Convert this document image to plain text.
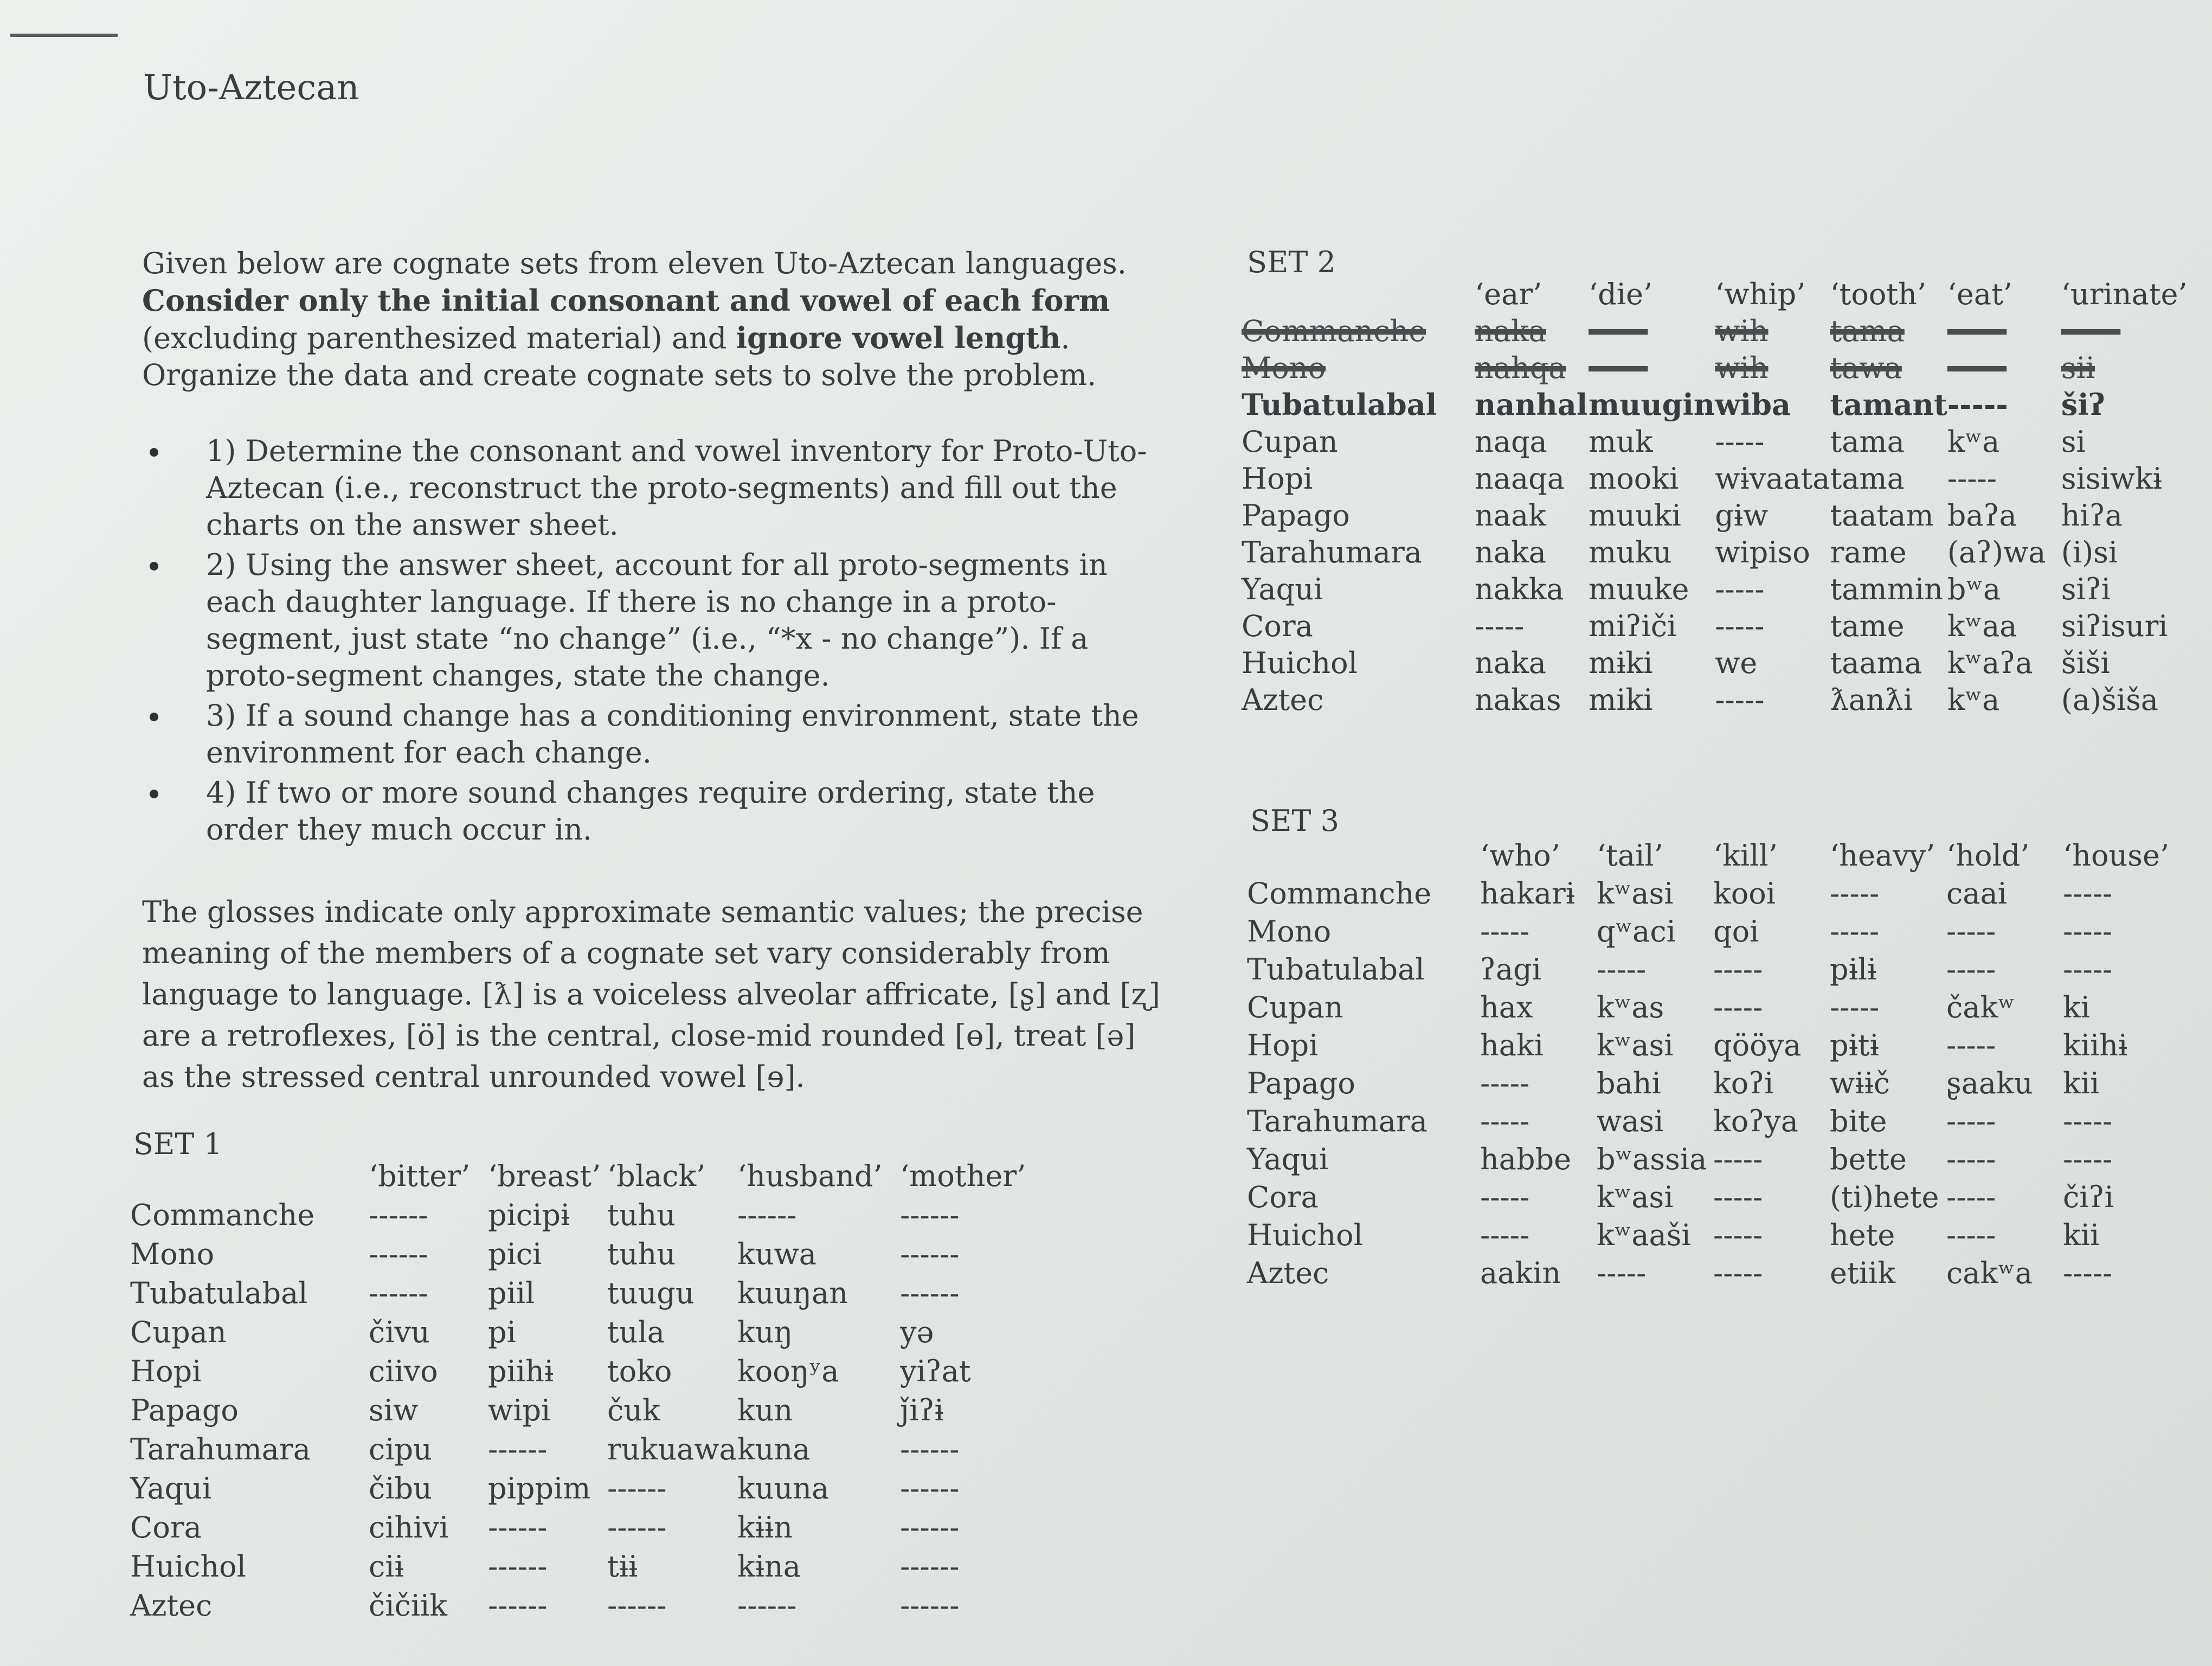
Uto-Aztecan

Given below are cognate sets from eleven Uto-Aztecan languages.
Consider only the initial consonant and vowel of each form
(excluding parenthesized material) and ignore vowel length. Organize the data and create cognate sets to solve the problem.

1) Determine the consonant and vowel inventory for Proto-Uto-Aztecan (i.e., reconstruct the proto-segments) and fill out the charts on the answer sheet.
2) Using the answer sheet, account for all proto-segments in each daughter language. If there is no change in a proto-segment, just state “no change” (i.e., “*x - no change”). If a proto-segment changes, state the change.
3) If a sound change has a conditioning environment, state the environment for each change.
4) If two or more sound changes require ordering, state the order they much occur in.

The glosses indicate only approximate semantic values; the precise meaning of the members of a cognate set vary considerably from language to language. [ƛ] is a voiceless alveolar affricate, [ʂ] and [ʐ] are a retroflexes, [ö] is the central, close-mid rounded [ɵ], treat [ə] as the stressed central unrounded vowel [ɘ].

SET 1
	‘bitter’	‘breast’	‘black’	‘husband’	‘mother’
Commanche	------	picipɨ	tuhu	------	------
Mono	------	pici	tuhu	kuwa	------
Tubatulabal	------	piil	tuugu	kuuŋan	------
Cupan	čivu	pi	tula	kuŋ	yə
Hopi	ciivo	piihɨ	toko	kooŋʸa	yiʔat
Papago	siw	wipi	čuk	kun	ǰiʔɨ
Tarahumara	cipu	------	rukuawa	kuna	------
Yaqui	čibu	pippim	------	kuuna	------
Cora	cihivi	------	------	kɨɨn	------
Huichol	ciɨ	------	tɨɨ	kɨna	------
Aztec	čičiik	------	------	------	------
SET 2
	‘ear’	‘die’	‘whip’	‘tooth’	‘eat’	‘urinate’
Commanche	naka	------	wih	tama	------	------
Mono	nahqa	------	wih	tawa	------	sii
Tubatulabal	nanhal	muugin	wiba	tamant	-----	šiʔ
Cupan	naqa	muk	-----	tama	kʷa	si
Hopi	naaqa	mooki	wɨvaata	tama	-----	sisiwkɨ
Papago	naak	muuki	gɨw	taatam	baʔa	hiʔa
Tarahumara	naka	muku	wipiso	rame	(aʔ)wa	(i)si
Yaqui	nakka	muuke	-----	tammin	bʷa	siʔi
Cora	-----	miʔiči	-----	tame	kʷaa	siʔisuri
Huichol	naka	mɨki	we	taama	kʷaʔa	šiši
Aztec	nakas	miki	-----	ƛanƛi	kʷa	(a)šiša
SET 3
	‘who’	‘tail’	‘kill’	‘heavy’	‘hold’	‘house’
Commanche	hakarɨ	kʷasi	kooi	-----	caai	-----
Mono	-----	qʷaci	qoi	-----	-----	-----
Tubatulabal	ʔagi	-----	-----	pɨlɨ	-----	-----
Cupan	hax	kʷas	-----	-----	čakʷ	ki
Hopi	haki	kʷasi	qööya	pɨtɨ	-----	kiihɨ
Papago	-----	bahi	koʔi	wɨɨč	ʂaaku	kii
Tarahumara	-----	wasi	koʔya	bite	-----	-----
Yaqui	habbe	bʷassia	-----	bette	-----	-----
Cora	-----	kʷasi	-----	(ti)hete	-----	čiʔi
Huichol	-----	kʷaaši	-----	hete	-----	kii
Aztec	aakin	-----	-----	etiik	cakʷa	-----
